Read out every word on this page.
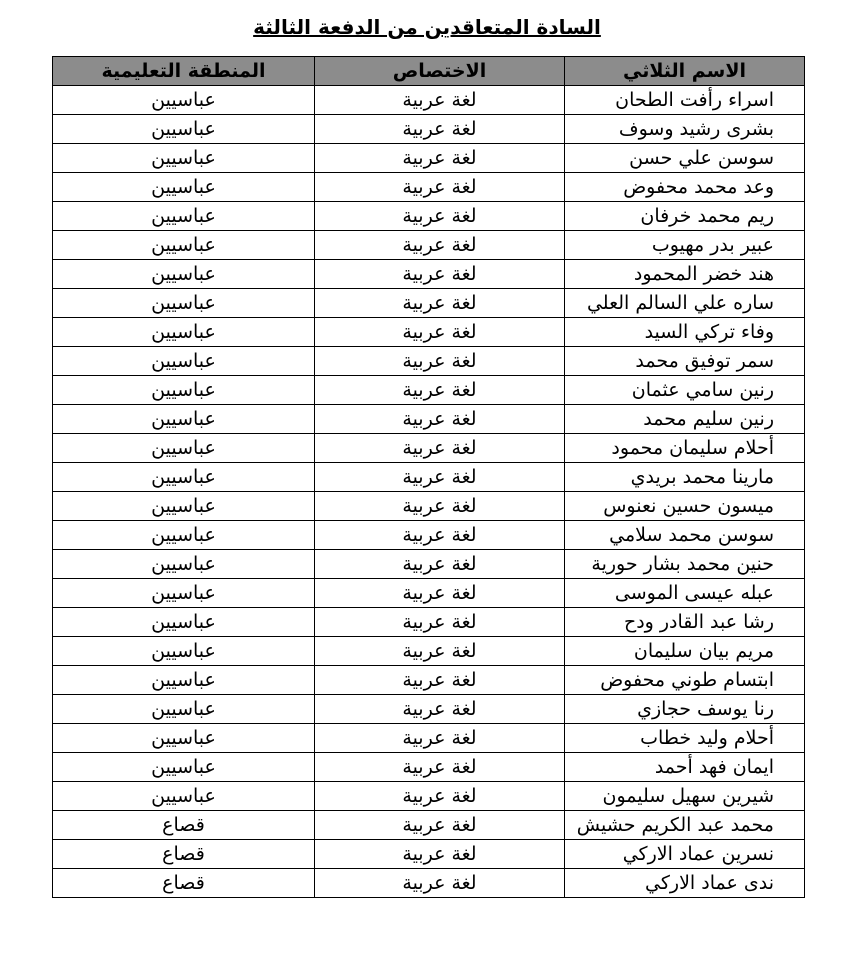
السادة المتعاقدين من الدفعة الثالثة
الاسم الثلاثي	الاختصاص	المنطقة التعليمية
اسراء رأفت الطحان	لغة عربية	عباسيين
بشرى رشيد وسوف	لغة عربية	عباسيين
سوسن علي حسن	لغة عربية	عباسيين
وعد محمد محفوض	لغة عربية	عباسيين
ريم محمد خرفان	لغة عربية	عباسيين
عبير بدر مهيوب	لغة عربية	عباسيين
هند خضر المحمود	لغة عربية	عباسيين
ساره علي السالم العلي	لغة عربية	عباسيين
وفاء تركي السيد	لغة عربية	عباسيين
سمر توفيق محمد	لغة عربية	عباسيين
رنين سامي عثمان	لغة عربية	عباسيين
رنين سليم محمد	لغة عربية	عباسيين
أحلام سليمان محمود	لغة عربية	عباسيين
مارينا محمد بريدي	لغة عربية	عباسيين
ميسون حسين نعنوس	لغة عربية	عباسيين
سوسن محمد سلامي	لغة عربية	عباسيين
حنين محمد بشار حورية	لغة عربية	عباسيين
عبله عيسى الموسى	لغة عربية	عباسيين
رشا عبد القادر ودح	لغة عربية	عباسيين
مريم بيان سليمان	لغة عربية	عباسيين
ابتسام طوني محفوض	لغة عربية	عباسيين
رنا يوسف حجازي	لغة عربية	عباسيين
أحلام وليد خطاب	لغة عربية	عباسيين
ايمان فهد أحمد	لغة عربية	عباسيين
شيرين سهيل سليمون	لغة عربية	عباسيين
محمد عبد الكريم حشيش	لغة عربية	قصاع
نسرين عماد الاركي	لغة عربية	قصاع
ندى عماد الاركي	لغة عربية	قصاع
